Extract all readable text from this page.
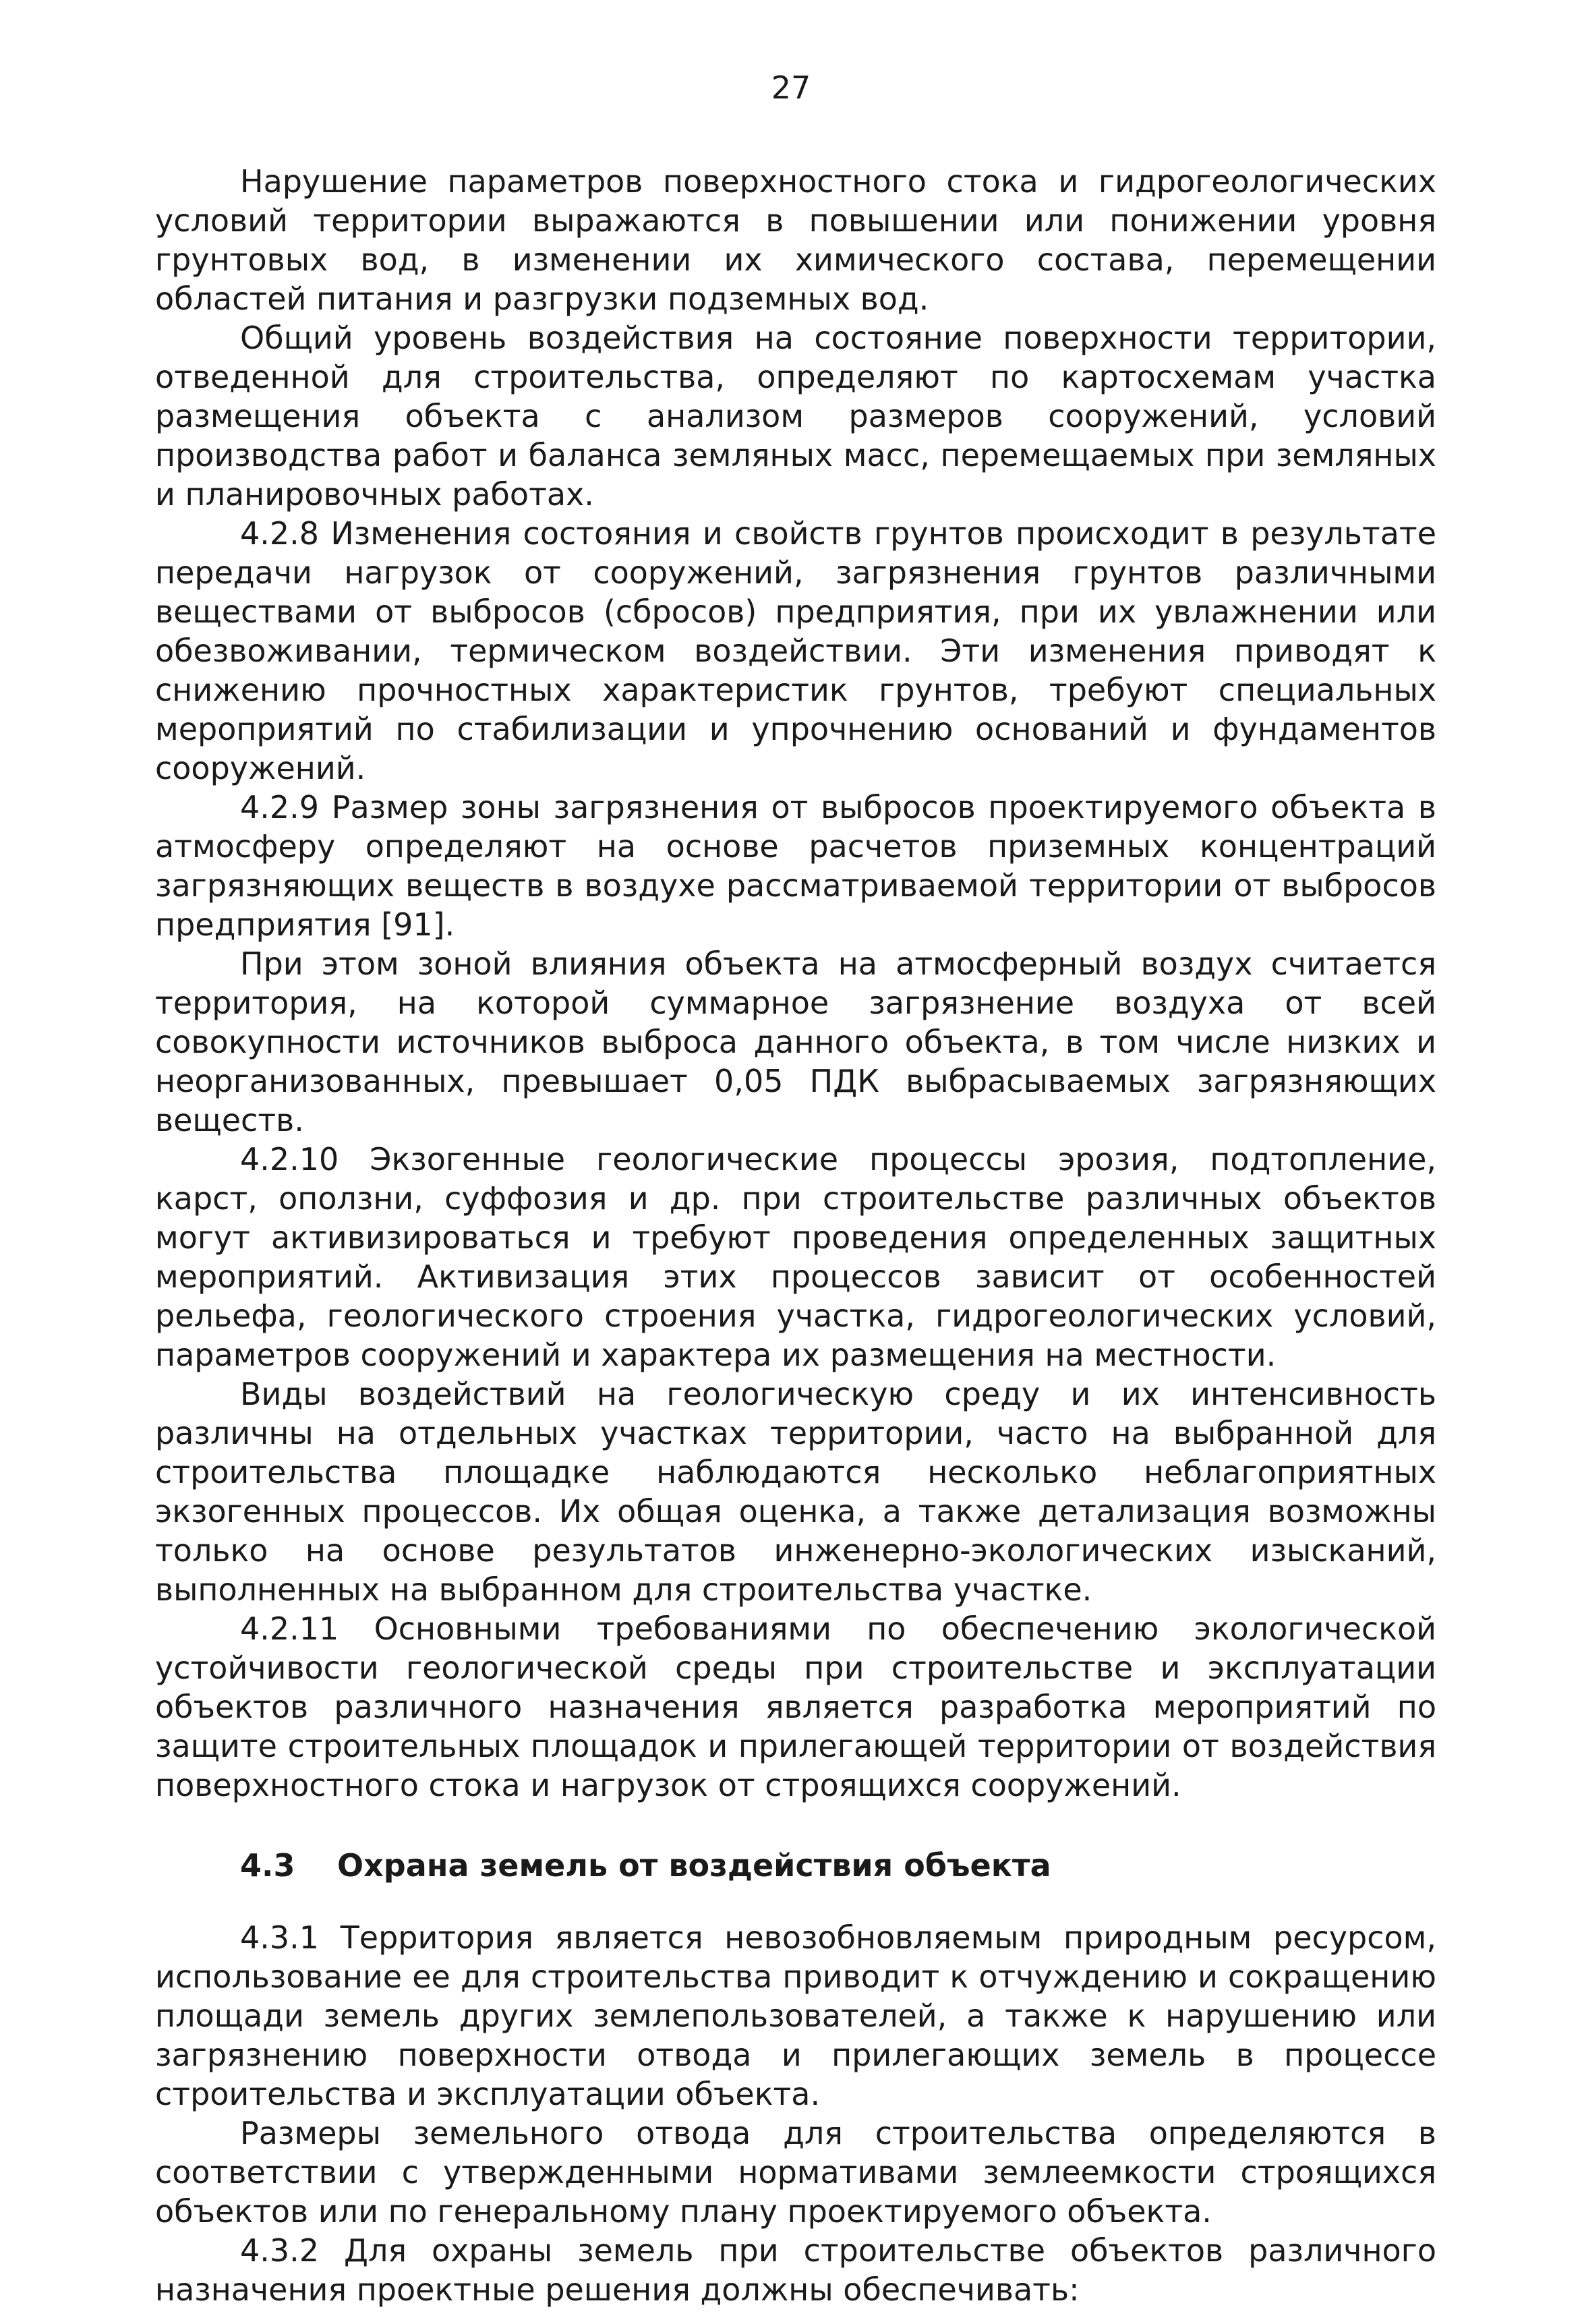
27

Нарушение параметров поверхностного стока и гидрогеологических условий территории выражаются в повышении или понижении уровня грунтовых вод, в изменении их химического состава, перемещении областей питания и разгрузки подземных вод.

Общий уровень воздействия на состояние поверхности территории, отведенной для строительства, определяют по картосхемам участка размещения объекта с анализом размеров сооружений, условий производства работ и баланса земляных масс, перемещаемых при земляных и планировочных работах.

4.2.8 Изменения состояния и свойств грунтов происходит в результате передачи нагрузок от сооружений, загрязнения грунтов различными веществами от выбросов (сбросов) предприятия, при их увлажнении или обезвоживании, термическом воздействии. Эти изменения приводят к снижению прочностных характеристик грунтов, требуют специальных мероприятий по стабилизации и упрочнению оснований и фундаментов сооружений.

4.2.9 Размер зоны загрязнения от выбросов проектируемого объекта в атмосферу определяют на основе расчетов приземных концентраций загрязняющих веществ в воздухе рассматриваемой территории от выбросов предприятия [91].

При этом зоной влияния объекта на атмосферный воздух считается территория, на которой суммарное загрязнение воздуха от всей совокупности источников выброса данного объекта, в том числе низких и неорганизованных, превышает 0,05 ПДК выбрасываемых загрязняющих веществ.

4.2.10 Экзогенные геологические процессы эрозия, подтопление, карст, оползни, суффозия и др. при строительстве различных объектов могут активизироваться и требуют проведения определенных защитных мероприятий. Активизация этих процессов зависит от особенностей рельефа, геологического строения участка, гидрогеологических условий, параметров сооружений и характера их размещения на местности.

Виды воздействий на геологическую среду и их интенсивность различны на отдельных участках территории, часто на выбранной для строительства площадке наблюдаются несколько неблагоприятных экзогенных процессов. Их общая оценка, а также детализация возможны только на основе результатов инженерно-экологических изысканий, выполненных на выбранном для строительства участке.

4.2.11 Основными требованиями по обеспечению экологической устойчивости геологической среды при строительстве и эксплуатации объектов различного назначения является разработка мероприятий по защите строительных площадок и прилегающей территории от воздействия поверхностного стока и нагрузок от строящихся сооружений.

4.3 Охрана земель от воздействия объекта

4.3.1 Территория является невозобновляемым природным ресурсом, использование ее для строительства приводит к отчуждению и сокращению площади земель других землепользователей, а также к нарушению или загрязнению поверхности отвода и прилегающих земель в процессе строительства и эксплуатации объекта.

Размеры земельного отвода для строительства определяются в соответствии с утвержденными нормативами землеемкости строящихся объектов или по генеральному плану проектируемого объекта.

4.3.2 Для охраны земель при строительстве объектов различного назначения проектные решения должны обеспечивать:
